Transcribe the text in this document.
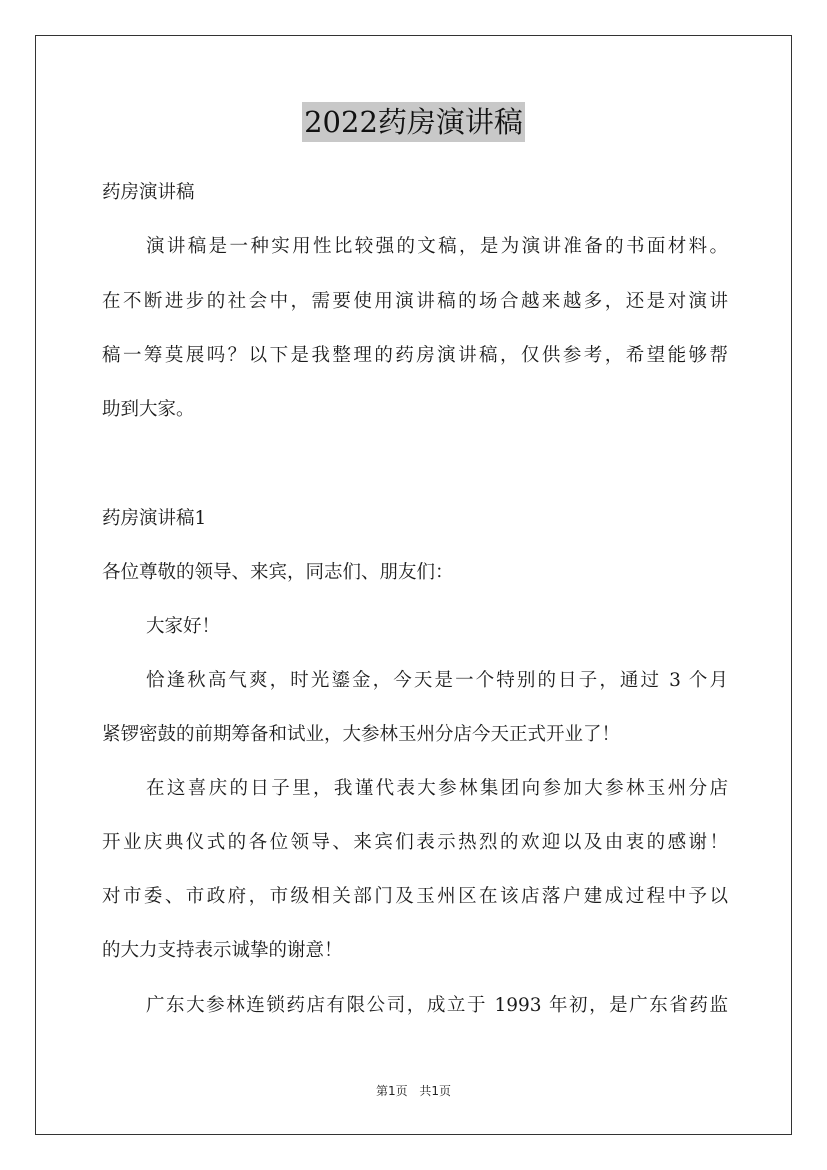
2022药房演讲稿
药房演讲稿
演讲稿是一种实用性比较强的文稿，是为演讲准备的书面材料。
在不断进步的社会中，需要使用演讲稿的场合越来越多，还是对演讲
稿一筹莫展吗？以下是我整理的药房演讲稿，仅供参考，希望能够帮
助到大家。
药房演讲稿1
各位尊敬的领导、来宾，同志们、朋友们：
大家好！
恰逢秋高气爽，时光鎏金，今天是一个特别的日子，通过 3 个月
紧锣密鼓的前期筹备和试业，大参林玉州分店今天正式开业了！
在这喜庆的日子里，我谨代表大参林集团向参加大参林玉州分店
开业庆典仪式的各位领导、来宾们表示热烈的欢迎以及由衷的感谢！
对市委、市政府，市级相关部门及玉州区在该店落户建成过程中予以
的大力支持表示诚挚的谢意！
广东大参林连锁药店有限公司，成立于 1993 年初，是广东省药监
第1页 共1页
